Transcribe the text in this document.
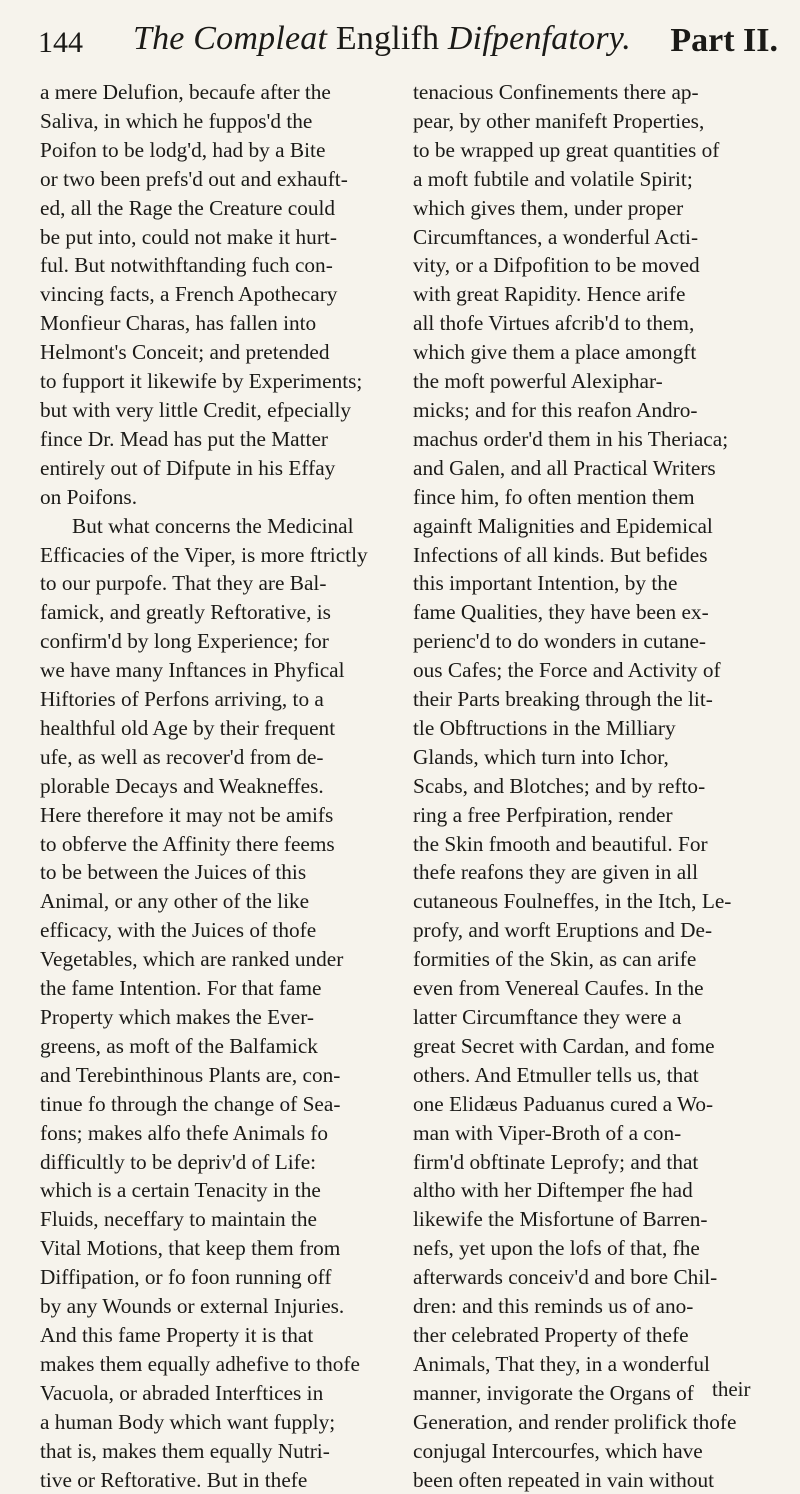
144 The Compleat Englifh Difpenfatory. Part II.
a mere Delufion, becaufe after the
Saliva, in which he fuppos'd the
Poifon to be lodg'd, had by a Bite
or two been prefs'd out and exhauft-
ed, all the Rage the Creature could
be put into, could not make it hurt-
ful. But notwithftanding fuch con-
vincing facts, a French Apothecary
Monfieur Charas, has fallen into
Helmont's Conceit; and pretended
to fupport it likewife by Experiments;
but with very little Credit, efpecially
fince Dr. Mead has put the Matter
entirely out of Difpute in his Effay
on Poifons.
But what concerns the Medicinal
Efficacies of the Viper, is more ftrictly
to our purpofe. That they are Bal-
famick, and greatly Reftorative, is
confirm'd by long Experience; for
we have many Inftances in Phyfical
Hiftories of Perfons arriving, to a
healthful old Age by their frequent
ufe, as well as recover'd from de-
plorable Decays and Weakneffes.
Here therefore it may not be amifs
to obferve the Affinity there feems
to be between the Juices of this
Animal, or any other of the like
efficacy, with the Juices of thofe
Vegetables, which are ranked under
the fame Intention. For that fame
Property which makes the Ever-
greens, as moft of the Balfamick
and Terebinthinous Plants are, con-
tinue fo through the change of Sea-
fons; makes alfo thefe Animals fo
difficultly to be depriv'd of Life:
which is a certain Tenacity in the
Fluids, neceffary to maintain the
Vital Motions, that keep them from
Diffipation, or fo foon running off
by any Wounds or external Injuries.
And this fame Property it is that
makes them equally adhefive to thofe
Vacuola, or abraded Interftices in
a human Body which want fupply;
that is, makes them equally Nutri-
tive or Reftorative. But in thefe
tenacious Confinements there ap-
pear, by other manifeft Properties,
to be wrapped up great quantities of
a moft fubtile and volatile Spirit;
which gives them, under proper
Circumftances, a wonderful Acti-
vity, or a Difpofition to be moved
with great Rapidity. Hence arife
all thofe Virtues afcrib'd to them,
which give them a place amongft
the moft powerful Alexiphar-
micks; and for this reafon Andro-
machus order'd them in his Theriaca;
and Galen, and all Practical Writers
fince him, fo often mention them
againft Malignities and Epidemical
Infections of all kinds. But befides
this important Intention, by the
fame Qualities, they have been ex-
perienc'd to do wonders in cutane-
ous Cafes; the Force and Activity of
their Parts breaking through the lit-
tle Obftructions in the Milliary
Glands, which turn into Ichor,
Scabs, and Blotches; and by refto-
ring a free Perfpiration, render
the Skin fmooth and beautiful. For
thefe reafons they are given in all
cutaneous Foulneffes, in the Itch, Le-
profy, and worft Eruptions and De-
formities of the Skin, as can arife
even from Venereal Caufes. In the
latter Circumftance they were a
great Secret with Cardan, and fome
others. And Etmuller tells us, that
one Elidæus Paduanus cured a Wo-
man with Viper-Broth of a con-
firm'd obftinate Leprofy; and that
altho with her Diftemper fhe had
likewife the Misfortune of Barren-
nefs, yet upon the lofs of that, fhe
afterwards conceiv'd and bore Chil-
dren: and this reminds us of ano-
ther celebrated Property of thefe
Animals, That they, in a wonderful
manner, invigorate the Organs of
Generation, and render prolifick thofe
conjugal Intercourfes, which have
been often repeated in vain without
their
